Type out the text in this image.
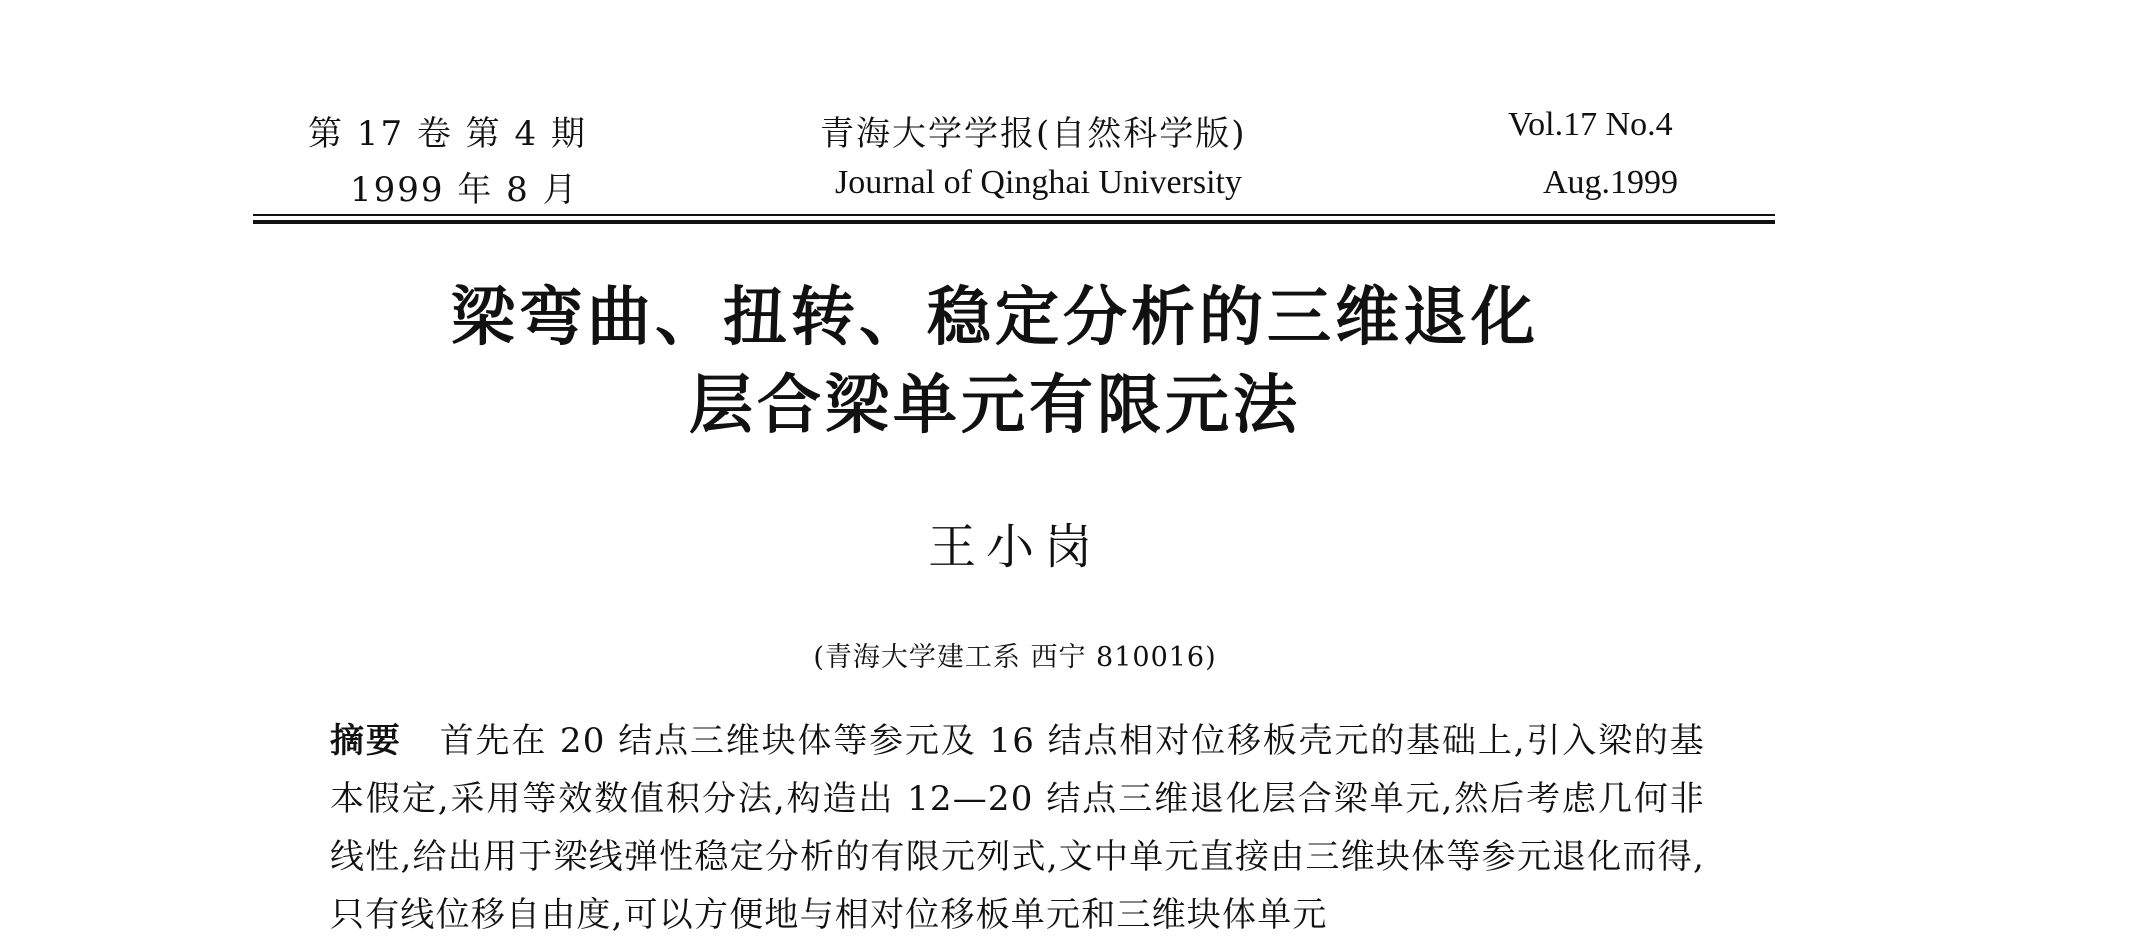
第 17 卷 第 4 期
1999 年 8 月
青海大学学报(自然科学版)
Journal of Qinghai University
Vol.17 No.4
Aug.1999
梁弯曲、扭转、稳定分析的三维退化
层合梁单元有限元法
王小岗
(青海大学建工系 西宁 810016)
摘要 首先在 20 结点三维块体等参元及 16 结点相对位移板壳元的基础上,引入梁的基本假定,采用等效数值积分法,构造出 12—20 结点三维退化层合梁单元,然后考虑几何非线性,给出用于梁线弹性稳定分析的有限元列式,文中单元直接由三维块体等参元退化而得,只有线位移自由度,可以方便地与相对位移板单元和三维块体单元
